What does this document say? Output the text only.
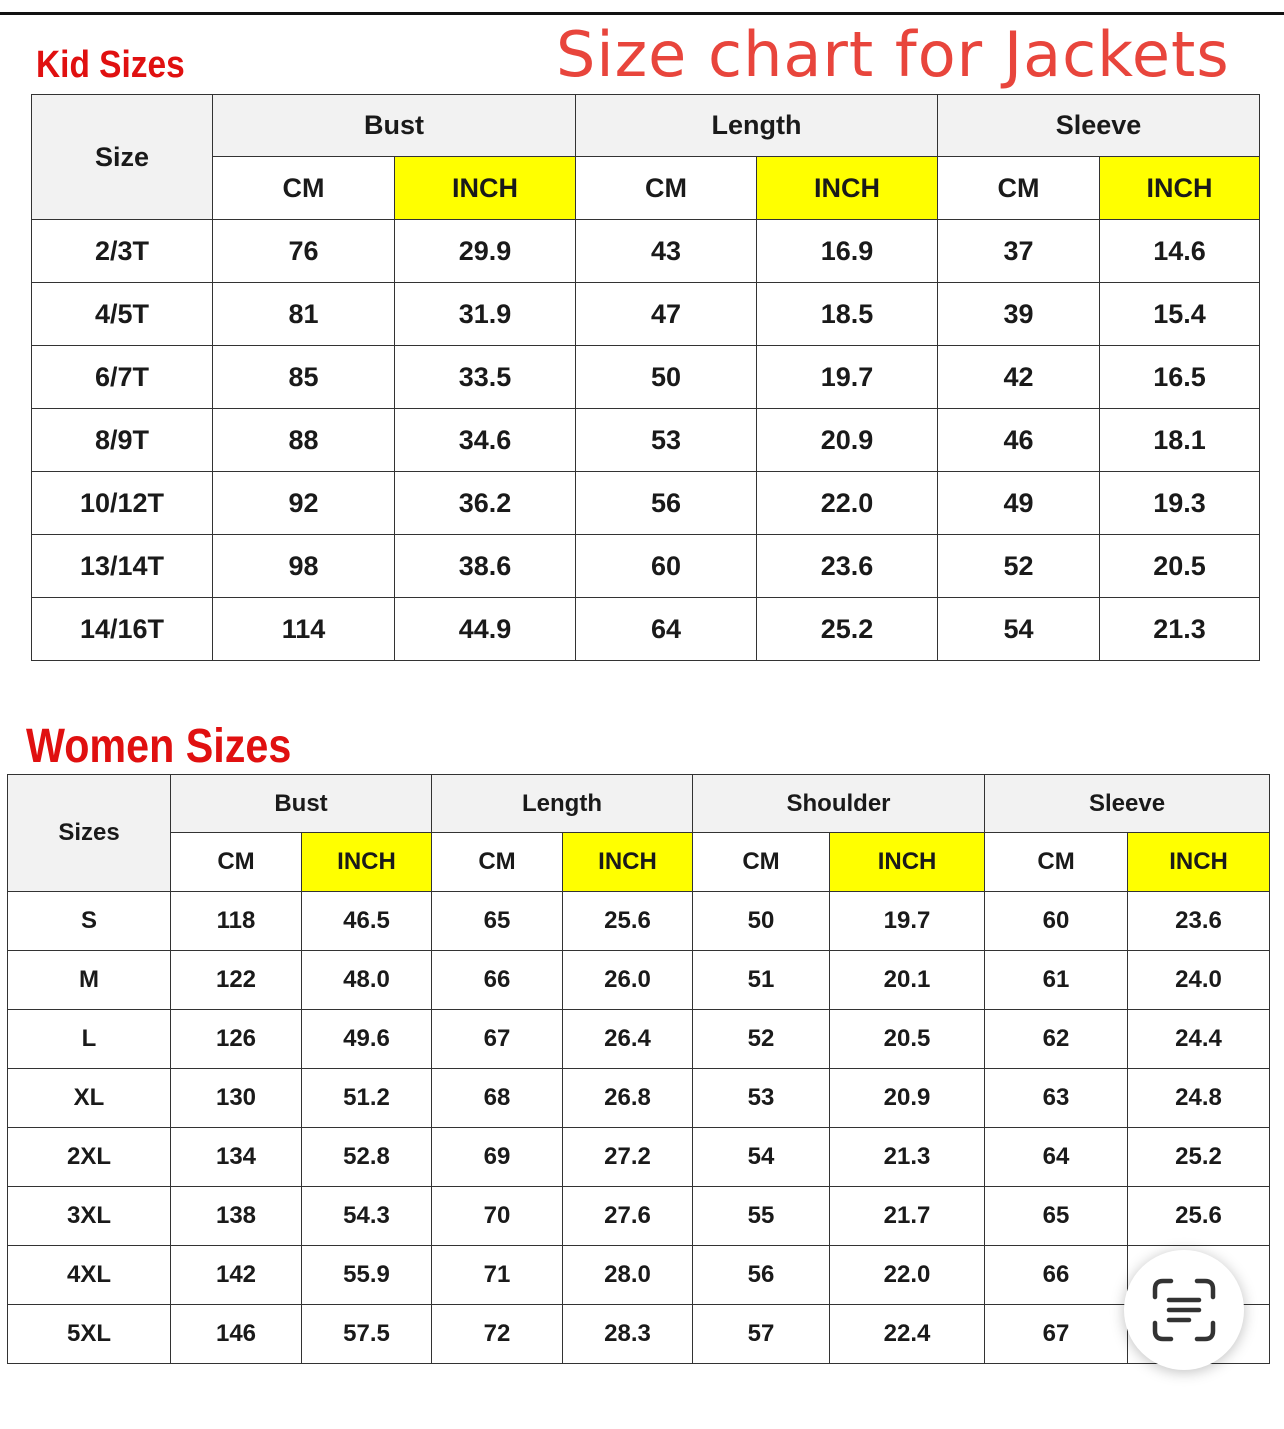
Size chart for Jackets
Kid Sizes
Size	Bust		Length		Sleeve	
	CM	INCH	CM	INCH	CM	INCH
2/3T	76	29.9	43	16.9	37	14.6
4/5T	81	31.9	47	18.5	39	15.4
6/7T	85	33.5	50	19.7	42	16.5
8/9T	88	34.6	53	20.9	46	18.1
10/12T	92	36.2	56	22.0	49	19.3
13/14T	98	38.6	60	23.6	52	20.5
14/16T	114	44.9	64	25.2	54	21.3
Women Sizes
Sizes	Bust		Length		Shoulder		Sleeve	
	CM	INCH	CM	INCH	CM	INCH	CM	INCH
S	118	46.5	65	25.6	50	19.7	60	23.6
M	122	48.0	66	26.0	51	20.1	61	24.0
L	126	49.6	67	26.4	52	20.5	62	24.4
XL	130	51.2	68	26.8	53	20.9	63	24.8
2XL	134	52.8	69	27.2	54	21.3	64	25.2
3XL	138	54.3	70	27.6	55	21.7	65	25.6
4XL	142	55.9	71	28.0	56	22.0	66	
5XL	146	57.5	72	28.3	57	22.4	67	
